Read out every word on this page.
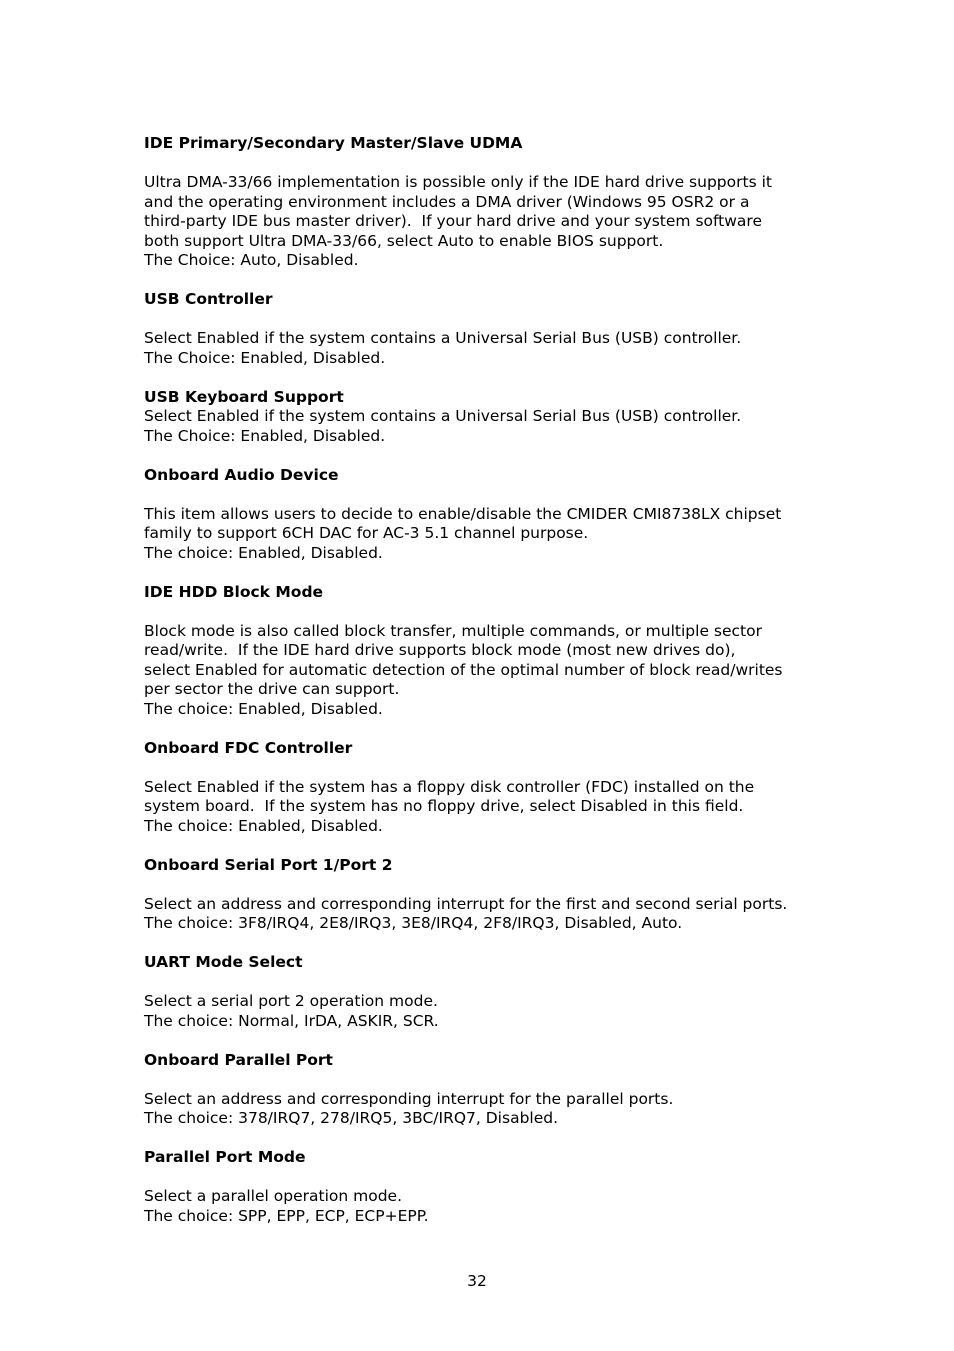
IDE Primary/Secondary Master/Slave UDMA
Ultra DMA-33/66 implementation is possible only if the IDE hard drive supports it
and the operating environment includes a DMA driver (Windows 95 OSR2 or a
third-party IDE bus master driver).  If your hard drive and your system software
both support Ultra DMA-33/66, select Auto to enable BIOS support.
The Choice: Auto, Disabled.
USB Controller
Select Enabled if the system contains a Universal Serial Bus (USB) controller.
The Choice: Enabled, Disabled.
USB Keyboard Support
Select Enabled if the system contains a Universal Serial Bus (USB) controller.
The Choice: Enabled, Disabled.
Onboard Audio Device
This item allows users to decide to enable/disable the CMIDER CMI8738LX chipset
family to support 6CH DAC for AC-3 5.1 channel purpose.
The choice: Enabled, Disabled.
IDE HDD Block Mode
Block mode is also called block transfer, multiple commands, or multiple sector
read/write.  If the IDE hard drive supports block mode (most new drives do),
select Enabled for automatic detection of the optimal number of block read/writes
per sector the drive can support.
The choice: Enabled, Disabled.
Onboard FDC Controller
Select Enabled if the system has a floppy disk controller (FDC) installed on the
system board.  If the system has no floppy drive, select Disabled in this field.
The choice: Enabled, Disabled.
Onboard Serial Port 1/Port 2
Select an address and corresponding interrupt for the first and second serial ports.
The choice: 3F8/IRQ4, 2E8/IRQ3, 3E8/IRQ4, 2F8/IRQ3, Disabled, Auto.
UART Mode Select
Select a serial port 2 operation mode.
The choice: Normal, IrDA, ASKIR, SCR.
Onboard Parallel Port
Select an address and corresponding interrupt for the parallel ports.
The choice: 378/IRQ7, 278/IRQ5, 3BC/IRQ7, Disabled.
Parallel Port Mode
Select a parallel operation mode.
The choice: SPP, EPP, ECP, ECP+EPP.
32
